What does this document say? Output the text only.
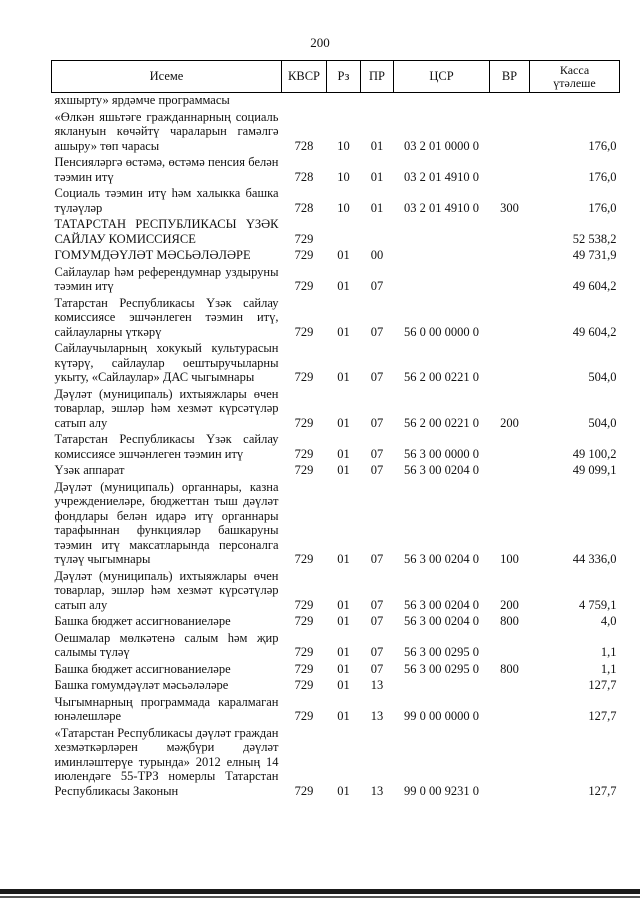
200
Исеме	КВСР	Рз	ПР	ЦСР	ВР	Касса
үтәлеше
яхшырту» ярдәмче программасы						
«Өлкән яшьтәге гражданнарның социаль яклануын көчәйтү чараларын гамәлгә ашыру» төп чарасы	728	10	01	03 2 01 0000 0		176,0
Пенсияләргә өстәмә, өстәмә пенсия белән тәэмин итү	728	10	01	03 2 01 4910 0		176,0
Социаль тәэмин итү һәм халыкка башка түләүләр	728	10	01	03 2 01 4910 0	300	176,0
ТАТАРСТАН РЕСПУБЛИКАСЫ ҮЗӘК САЙЛАУ КОМИССИЯСЕ	729					52 538,2
ГОМУМДӘҮЛӘТ МӘСЬӘЛӘЛӘРЕ	729	01	00			49 731,9
Сайлаулар һәм референдумнар уздыруны тәэмин итү	729	01	07			49 604,2
Татарстан Республикасы Үзәк сайлау комиссиясе эшчәнлеген тәэмин итү, сайлауларны үткәрү	729	01	07	56 0 00 0000 0		49 604,2
Сайлаучыларның хокукый культурасын күтәрү, сайлаулар оештыручыларны укыту, «Сайлаулар» ДАС чыгымнары	729	01	07	56 2 00 0221 0		504,0
Дәүләт (муниципаль) ихтыяжлары өчен товарлар, эшләр һәм хезмәт күрсәтүләр сатып алу	729	01	07	56 2 00 0221 0	200	504,0
Татарстан Республикасы Үзәк сайлау комиссиясе эшчәнлеген тәэмин итү	729	01	07	56 3 00 0000 0		49 100,2
Үзәк аппарат	729	01	07	56 3 00 0204 0		49 099,1
Дәүләт (муниципаль) органнары, казна учреждениеләре, бюджеттан тыш дәүләт фондлары белән идарә итү органнары тарафыннан функцияләр башкаруны тәэмин итү максатларында персоналга түләү чыгымнары	729	01	07	56 3 00 0204 0	100	44 336,0
Дәүләт (муниципаль) ихтыяжлары өчен товарлар, эшләр һәм хезмәт күрсәтүләр сатып алу	729	01	07	56 3 00 0204 0	200	4 759,1
Башка бюджет ассигнованиеләре	729	01	07	56 3 00 0204 0	800	4,0
Оешмалар мөлкәтенә салым һәм җир салымы түләү	729	01	07	56 3 00 0295 0		1,1
Башка бюджет ассигнованиеләре	729	01	07	56 3 00 0295 0	800	1,1
Башка гомумдәүләт мәсьәләләре	729	01	13			127,7
Чыгымнарның программада каралмаган юнәлешләре	729	01	13	99 0 00 0000 0		127,7
«Татарстан Республикасы дәүләт граждан хезмәткәрләрен мәҗбүри дәүләт иминләштерүе турында» 2012 елның 14 июлендәге 55-ТРЗ номерлы Татарстан Республикасы Законын	729	01	13	99 0 00 9231 0		127,7
